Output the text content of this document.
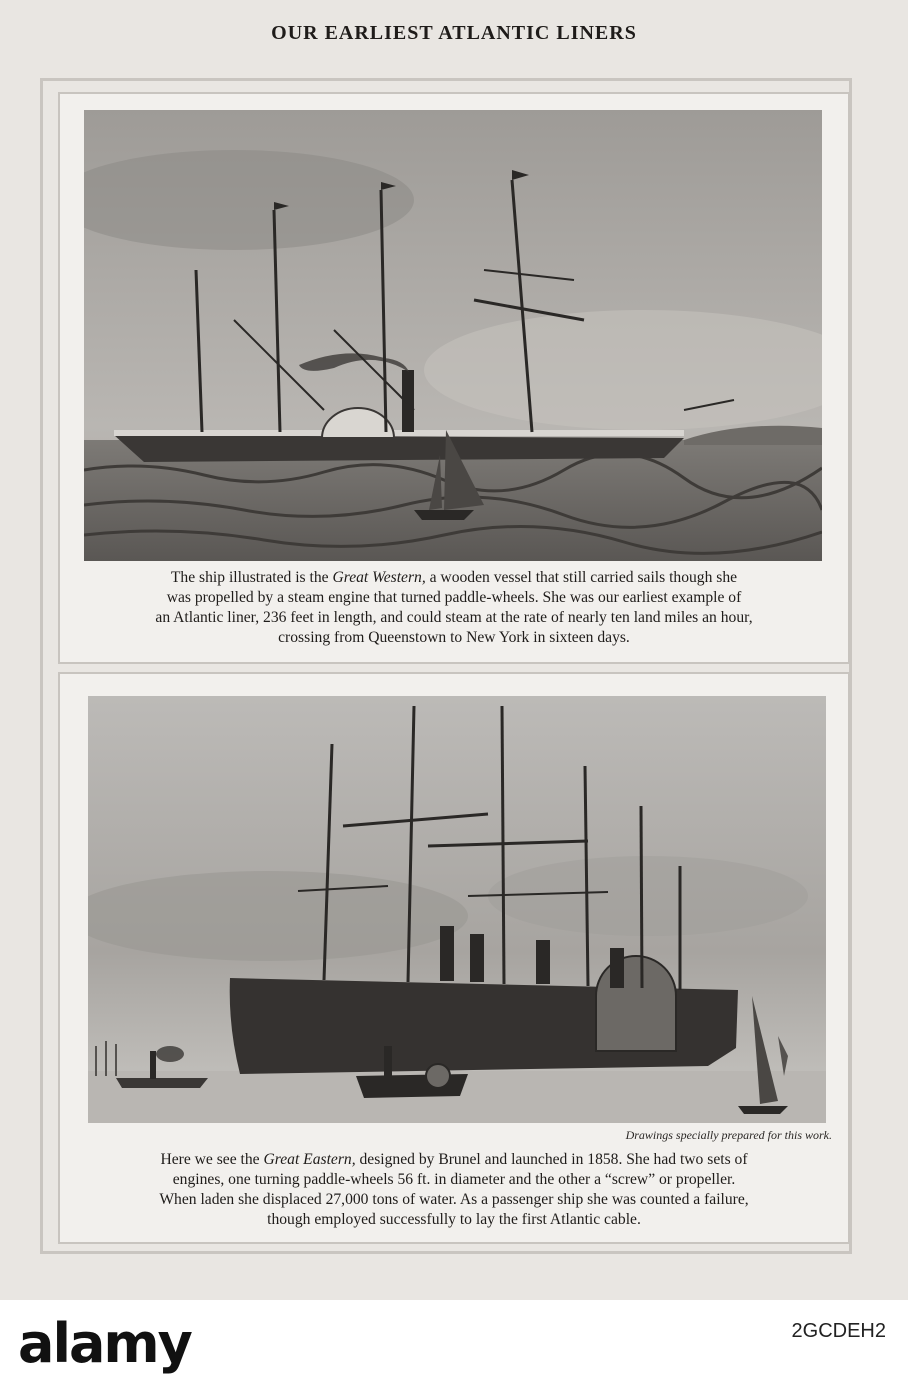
OUR EARLIEST ATLANTIC LINERS
The ship illustrated is the Great Western, a wooden vessel that still carried sails though she
was propelled by a steam engine that turned paddle-wheels. She was our earliest example of
an Atlantic liner, 236 feet in length, and could steam at the rate of nearly ten land miles an hour,
crossing from Queenstown to New York in sixteen days.
Drawings specially prepared for this work.
Here we see the Great Eastern, designed by Brunel and launched in 1858. She had two sets of
engines, one turning paddle-wheels 56 ft. in diameter and the other a “screw” or propeller.
When laden she displaced 27,000 tons of water. As a passenger ship she was counted a failure,
though employed successfully to lay the first Atlantic cable.
alamy	2GCDEH2
